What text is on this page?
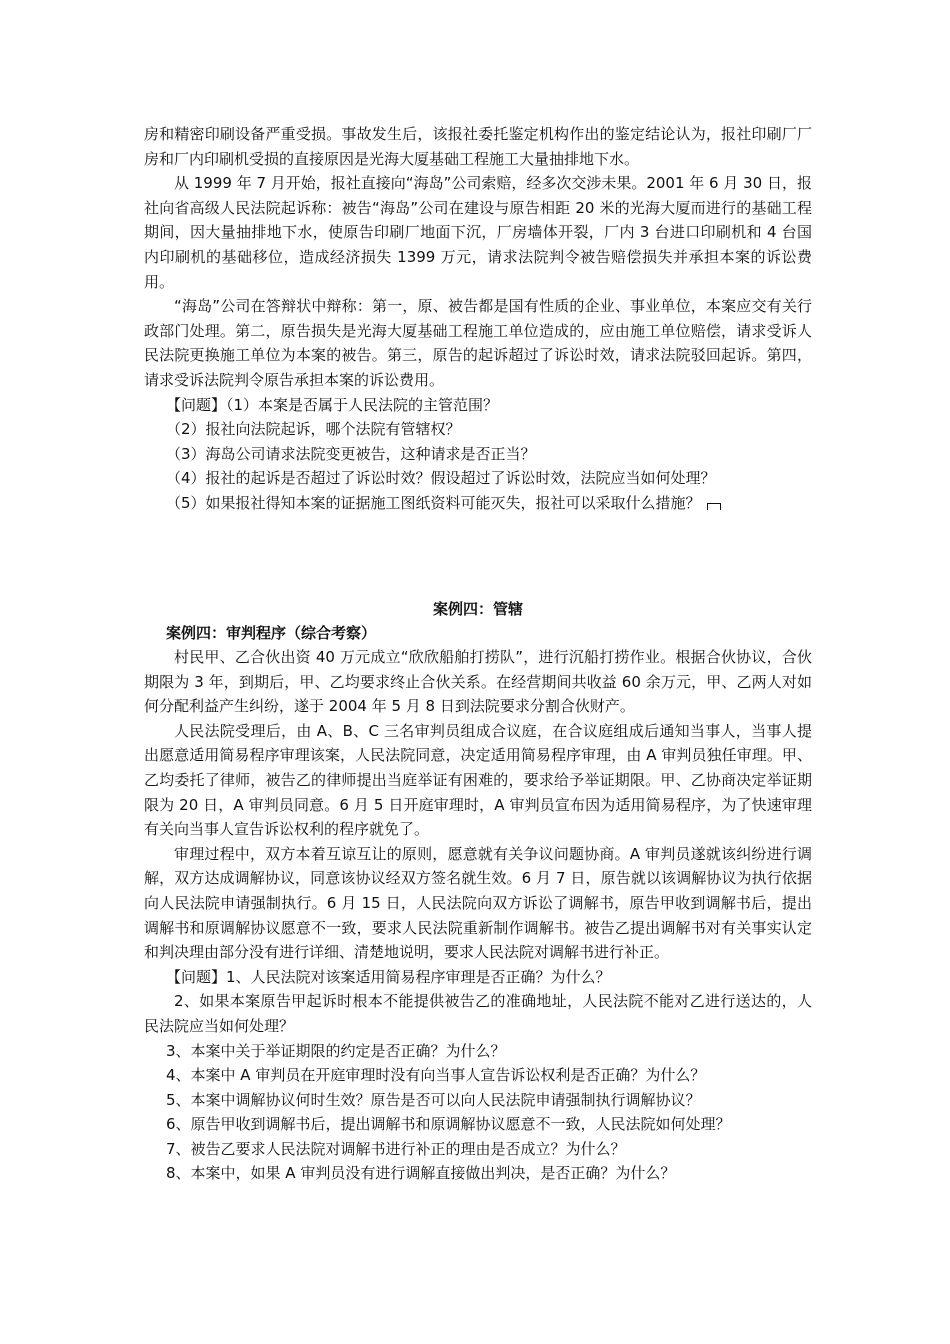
房和精密印刷设备严重受损。事故发生后，该报社委托鉴定机构作出的鉴定结论认为，报社印刷厂厂房和厂内印刷机受损的直接原因是光海大厦基础工程施工大量抽排地下水。

从 1999 年 7 月开始，报社直接向“海岛”公司索赔，经多次交涉未果。2001 年 6 月 30 日，报社向省高级人民法院起诉称：被告“海岛”公司在建设与原告相距 20 米的光海大厦而进行的基础工程期间，因大量抽排地下水，使原告印刷厂地面下沉，厂房墙体开裂，厂内 3 台进口印刷机和 4 台国内印刷机的基础移位，造成经济损失 1399 万元，请求法院判令被告赔偿损失并承担本案的诉讼费用。

“海岛”公司在答辩状中辩称：第一，原、被告都是国有性质的企业、事业单位，本案应交有关行政部门处理。第二，原告损失是光海大厦基础工程施工单位造成的，应由施工单位赔偿，请求受诉人民法院更换施工单位为本案的被告。第三，原告的起诉超过了诉讼时效，请求法院驳回起诉。第四，请求受诉法院判令原告承担本案的诉讼费用。

【问题】（1）本案是否属于人民法院的主管范围？

（2）报社向法院起诉，哪个法院有管辖权？

（3）海岛公司请求法院变更被告，这种请求是否正当？

（4）报社的起诉是否超过了诉讼时效？假设超过了诉讼时效，法院应当如何处理？

（5）如果报社得知本案的证据施工图纸资料可能灭失，报社可以采取什么措施？

案例四：管辖

案例四：审判程序（综合考察）

村民甲、乙合伙出资 40 万元成立“欣欣船舶打捞队”，进行沉船打捞作业。根据合伙协议，合伙期限为 3 年，到期后，甲、乙均要求终止合伙关系。在经营期间共收益 60 余万元，甲、乙两人对如何分配利益产生纠纷，遂于 2004 年 5 月 8 日到法院要求分割合伙财产。

人民法院受理后，由 A、B、C 三名审判员组成合议庭，在合议庭组成后通知当事人，当事人提出愿意适用简易程序审理该案，人民法院同意，决定适用简易程序审理，由 A 审判员独任审理。甲、乙均委托了律师，被告乙的律师提出当庭举证有困难的，要求给予举证期限。甲、乙协商决定举证期限为 20 日，A 审判员同意。6 月 5 日开庭审理时，A 审判员宣布因为适用简易程序，为了快速审理有关向当事人宣告诉讼权利的程序就免了。

审理过程中，双方本着互谅互让的原则，愿意就有关争议问题协商。A 审判员遂就该纠纷进行调解，双方达成调解协议，同意该协议经双方签名就生效。6 月 7 日，原告就以该调解协议为执行依据向人民法院申请强制执行。6 月 15 日，人民法院向双方诉讼了调解书，原告甲收到调解书后，提出调解书和原调解协议愿意不一致，要求人民法院重新制作调解书。被告乙提出调解书对有关事实认定和判决理由部分没有进行详细、清楚地说明，要求人民法院对调解书进行补正。

【问题】1、人民法院对该案适用简易程序审理是否正确？为什么？

2、如果本案原告甲起诉时根本不能提供被告乙的准确地址，人民法院不能对乙进行送达的，人民法院应当如何处理？

3、本案中关于举证期限的约定是否正确？为什么？

4、本案中 A 审判员在开庭审理时没有向当事人宣告诉讼权利是否正确？为什么？

5、本案中调解协议何时生效？原告是否可以向人民法院申请强制执行调解协议？

6、原告甲收到调解书后，提出调解书和原调解协议愿意不一致，人民法院如何处理？

7、被告乙要求人民法院对调解书进行补正的理由是否成立？为什么？

8、本案中，如果 A 审判员没有进行调解直接做出判决，是否正确？为什么？
